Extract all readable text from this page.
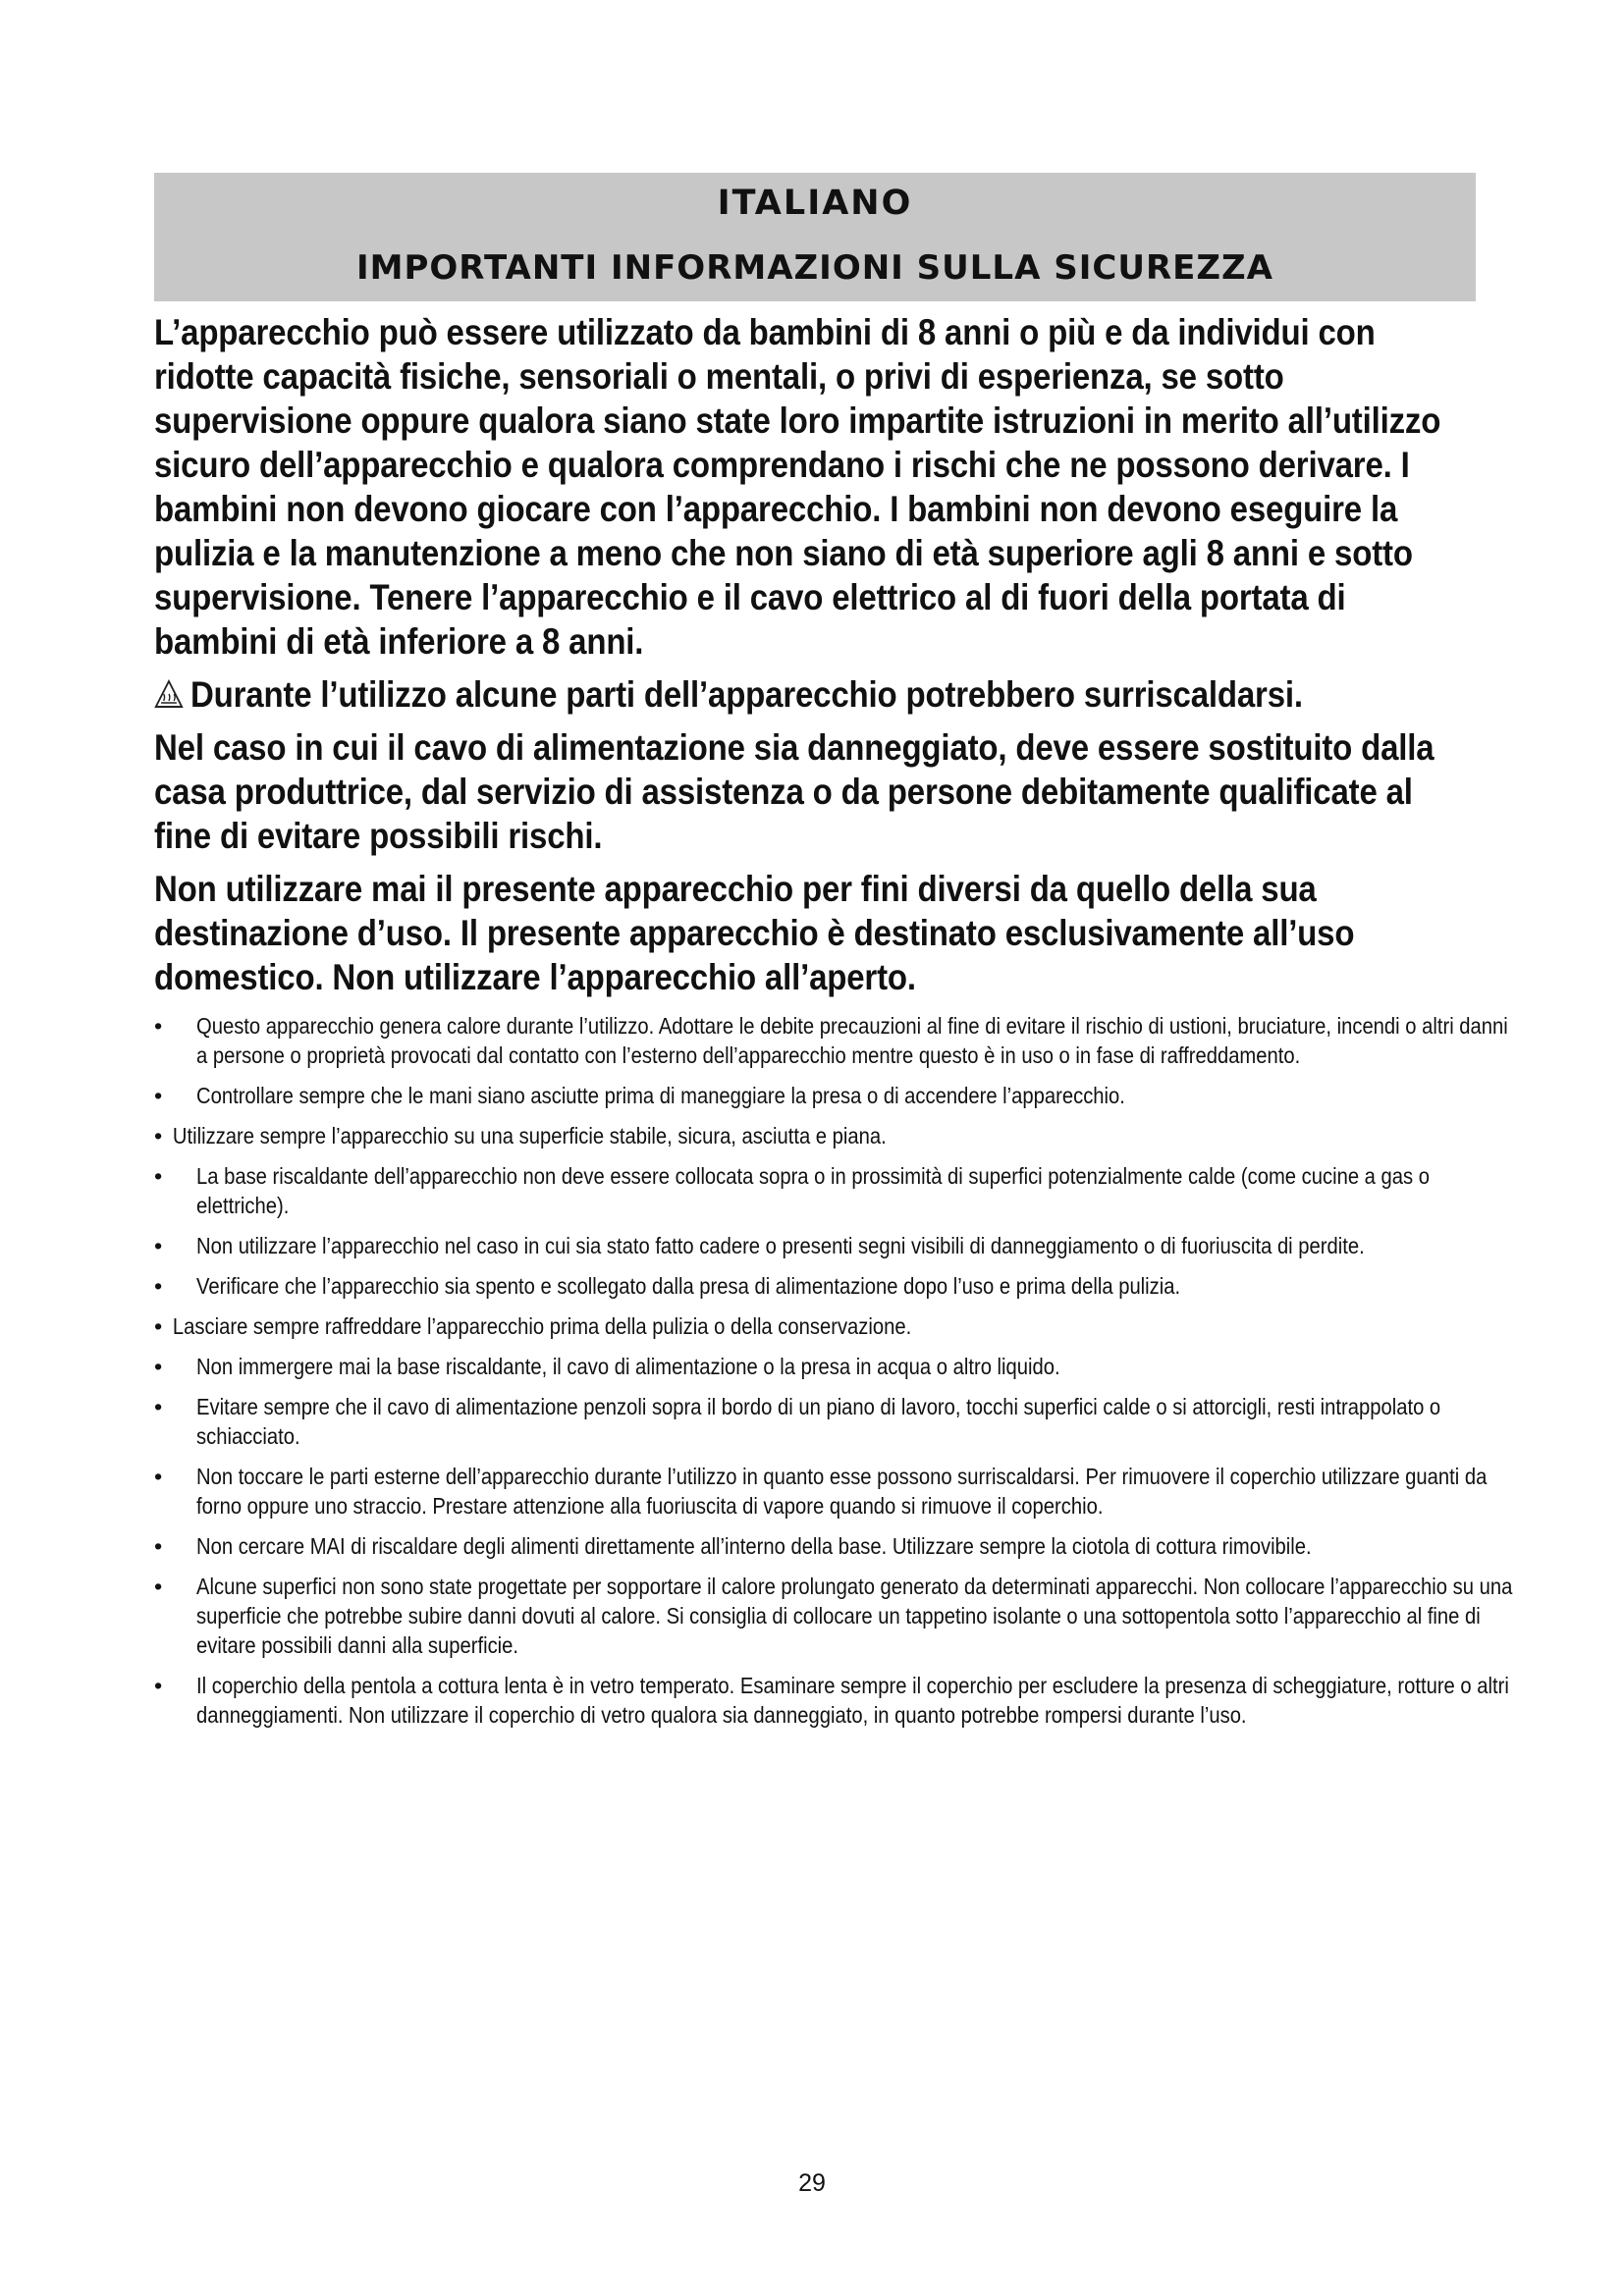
ITALIANO
IMPORTANTI INFORMAZIONI SULLA SICUREZZA

L’apparecchio può essere utilizzato da bambini di 8 anni o più e da individui con ridotte capacità fisiche, sensoriali o mentali, o privi di esperienza, se sotto supervisione oppure qualora siano state loro impartite istruzioni in merito all’utilizzo sicuro dell’apparecchio e qualora comprendano i rischi che ne possono derivare. I bambini non devono giocare con l’apparecchio. I bambini non devono eseguire la pulizia e la manutenzione a meno che non siano di età superiore agli 8 anni e sotto supervisione. Tenere l’apparecchio e il cavo elettrico al di fuori della portata di bambini di età inferiore a 8 anni.

Durante l’utilizzo alcune parti dell’apparecchio potrebbero surriscaldarsi.

Nel caso in cui il cavo di alimentazione sia danneggiato, deve essere sostituito dalla casa produttrice, dal servizio di assistenza o da persone debitamente qualificate al fine di evitare possibili rischi.

Non utilizzare mai il presente apparecchio per fini diversi da quello della sua destinazione d’uso. Il presente apparecchio è destinato esclusivamente all’uso domestico. Non utilizzare l’apparecchio all’aperto.

•	Questo apparecchio genera calore durante l’utilizzo. Adottare le debite precauzioni al fine di evitare il rischio di ustioni, bruciature, incendi o altri danni a persone o proprietà provocati dal contatto con l’esterno dell’apparecchio mentre questo è in uso o in fase di raffreddamento.
•	Controllare sempre che le mani siano asciutte prima di maneggiare la presa o di accendere l’apparecchio.
• Utilizzare sempre l’apparecchio su una superficie stabile, sicura, asciutta e piana.
•	La base riscaldante dell’apparecchio non deve essere collocata sopra o in prossimità di superfici potenzialmente calde (come cucine a gas o elettriche).
•	Non utilizzare l’apparecchio nel caso in cui sia stato fatto cadere o presenti segni visibili di danneggiamento o di fuoriuscita di perdite.
•	Verificare che l’apparecchio sia spento e scollegato dalla presa di alimentazione dopo l’uso e prima della pulizia.
• Lasciare sempre raffreddare l’apparecchio prima della pulizia o della conservazione.
•	Non immergere mai la base riscaldante, il cavo di alimentazione o la presa in acqua o altro liquido.
•	Evitare sempre che il cavo di alimentazione penzoli sopra il bordo di un piano di lavoro, tocchi superfici calde o si attorcigli, resti intrappolato o schiacciato.
•	Non toccare le parti esterne dell’apparecchio durante l’utilizzo in quanto esse possono surriscaldarsi. Per rimuovere il coperchio utilizzare guanti da forno oppure uno straccio. Prestare attenzione alla fuoriuscita di vapore quando si rimuove il coperchio.
•	Non cercare MAI di riscaldare degli alimenti direttamente all’interno della base. Utilizzare sempre la ciotola di cottura rimovibile.
•	Alcune superfici non sono state progettate per sopportare il calore prolungato generato da determinati apparecchi. Non collocare l’apparecchio su una superficie che potrebbe subire danni dovuti al calore. Si consiglia di collocare un tappetino isolante o una sottopentola sotto l’apparecchio al fine di evitare possibili danni alla superficie.
•	Il coperchio della pentola a cottura lenta è in vetro temperato. Esaminare sempre il coperchio per escludere la presenza di scheggiature, rotture o altri danneggiamenti. Non utilizzare il coperchio di vetro qualora sia danneggiato, in quanto potrebbe rompersi durante l’uso.
29
